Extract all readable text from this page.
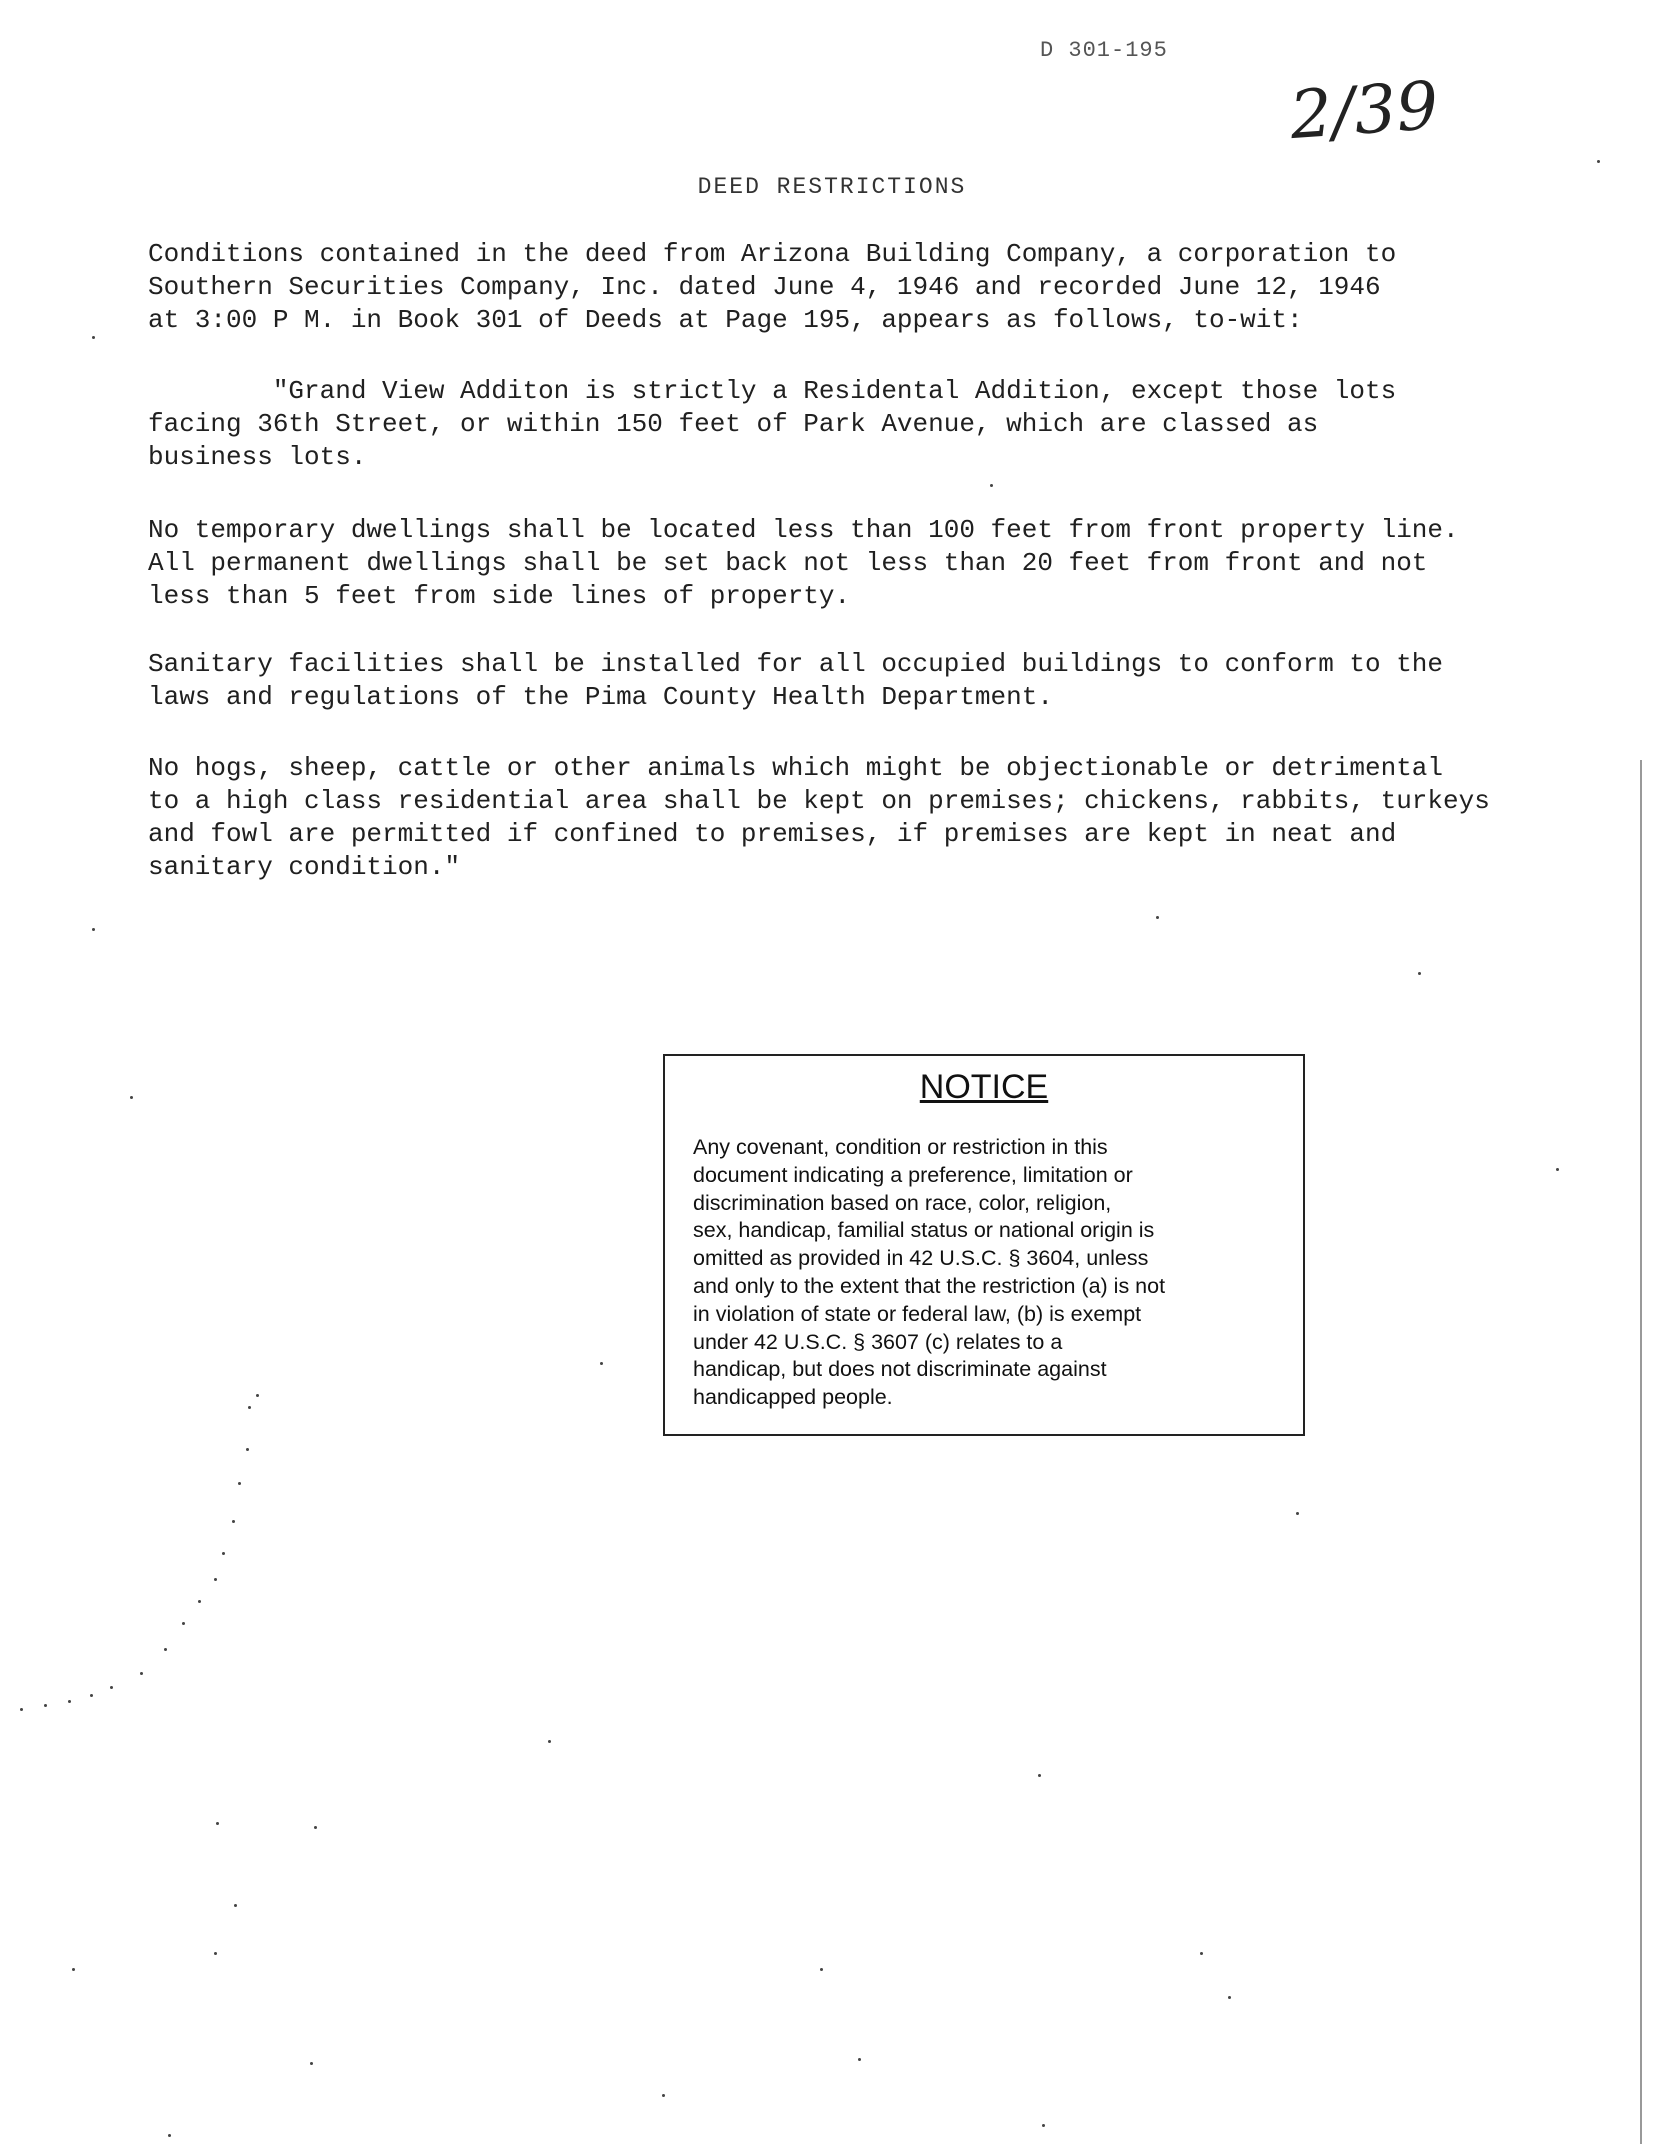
D 301-195
2/39
DEED RESTRICTIONS
Conditions contained in the deed from Arizona Building Company, a corporation to
Southern Securities Company, Inc. dated June 4, 1946 and recorded June 12, 1946
at 3:00 P M. in Book 301 of Deeds at Page 195, appears as follows, to-wit:
"Grand View Additon is strictly a Residental Addition, except those lots
facing 36th Street, or within 150 feet of Park Avenue, which are classed as
business lots.
No temporary dwellings shall be located less than 100 feet from front property line.
All permanent dwellings shall be set back not less than 20 feet from front and not
less than 5 feet from side lines of property.
Sanitary facilities shall be installed for all occupied buildings to conform to the
laws and regulations of the Pima County Health Department.
No hogs, sheep, cattle or other animals which might be objectionable or detrimental
to a high class residential area shall be kept on premises; chickens, rabbits, turkeys
and fowl are permitted if confined to premises, if premises are kept in neat and
sanitary condition."
NOTICE
Any covenant, condition or restriction in this
document indicating a preference, limitation or
discrimination based on race, color, religion,
sex, handicap, familial status or national origin is
omitted as provided in 42 U.S.C. § 3604, unless
and only to the extent that the restriction (a) is not
in violation of state or federal law, (b) is exempt
under 42 U.S.C. § 3607 (c) relates to a
handicap, but does not discriminate against
handicapped people.
